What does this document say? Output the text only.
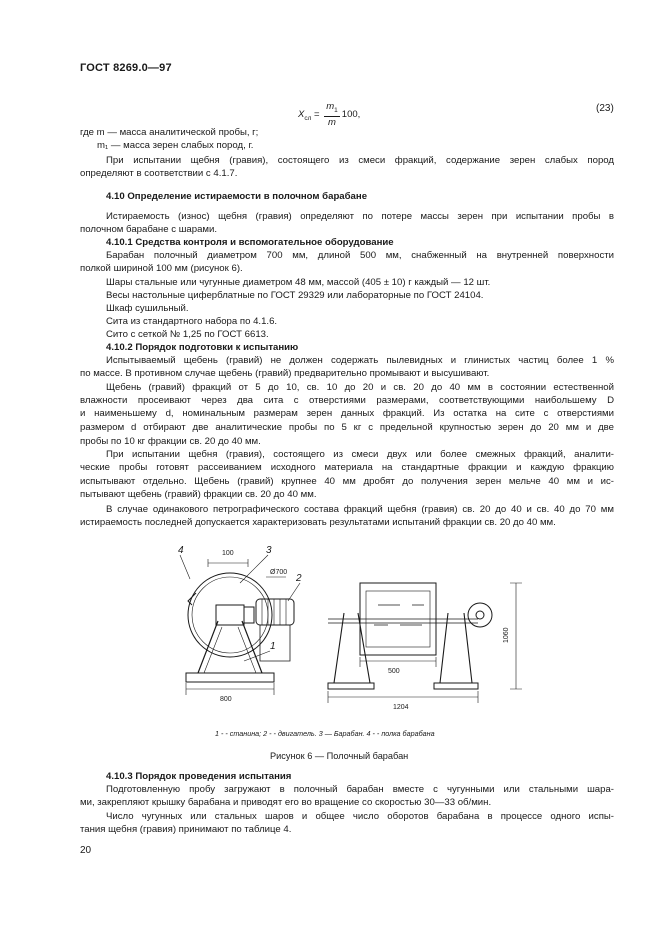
ГОСТ 8269.0—97
$X_{сл} = \frac{m_1}{m} 100$,
(23)
где m — масса аналитической пробы, г;
m₁ — масса зерен слабых пород, г.
При испытании щебня (гравия), состоящего из смеси фракций, содержание зерен слабых пород
определяют в соответствии с 4.1.7.
4.10 Определение истираемости в полочном барабане
Истираемость (износ) щебня (гравия) определяют по потере массы зерен при испытании пробы в
полочном барабане с шарами.
4.10.1 Средства контроля и вспомогательное оборудование
Барабан полочный диаметром 700 мм, длиной 500 мм, снабженный на внутренней поверхности
полкой шириной 100 мм (рисунок 6).
Шары стальные или чугунные диаметром 48 мм, массой (405 ± 10) г каждый — 12 шт.
Весы настольные циферблатные по ГОСТ 29329 или лабораторные по ГОСТ 24104.
Шкаф сушильный.
Сита из стандартного набора по 4.1.6.
Сито с сеткой № 1,25 по ГОСТ 6613.
4.10.2 Порядок подготовки к испытанию
Испытываемый щебень (гравий) не должен содержать пылевидных и глинистых частиц более 1 %
по массе. В противном случае щебень (гравий) предварительно промывают и высушивают.
Щебень (гравий) фракций от 5 до 10, св. 10 до 20 и св. 20 до 40 мм в состоянии естественной
влажности просеивают через два сита с отверстиями размерами, соответствующими наибольшему D
и наименьшему d, номинальным размерам зерен данных фракций. Из остатка на сите с отверстиями
размером d отбирают две аналитические пробы по 5 кг с предельной крупностью зерен до 20 мм и две
пробы по 10 кг фракции св. 20 до 40 мм.
При испытании щебня (гравия), состоящего из смеси двух или более смежных фракций, аналити-
ческие пробы готовят рассеиванием исходного материала на стандартные фракции и каждую фракцию
испытывают отдельно. Щебень (гравий) крупнее 40 мм дробят до получения зерен мельче 40 мм и ис-
пытывают щебень (гравий) фракции св. 20 до 40 мм.
В случае одинакового петрографического состава фракций щебня (гравия) св. 20 до 40 и св. 40 до 70 мм
истираемость последней допускается характеризовать результатами испытаний фракции св. 20 до 40 мм.
4	3
2
1
100
Ø700
800
500
1204
1060
1 - - станина; 2 - - двигатель. 3 — Барабан. 4 - - полка барабана
Рисунок 6 — Полочный барабан
4.10.3 Порядок проведения испытания
Подготовленную пробу загружают в полочный барабан вместе с чугунными или стальными шара-
ми, закрепляют крышку барабана и приводят его во вращение со скоростью 30—33 об/мин.
Число чугунных или стальных шаров и общее число оборотов барабана в процессе одного испы-
тания щебня (гравия) принимают по таблице 4.
20
